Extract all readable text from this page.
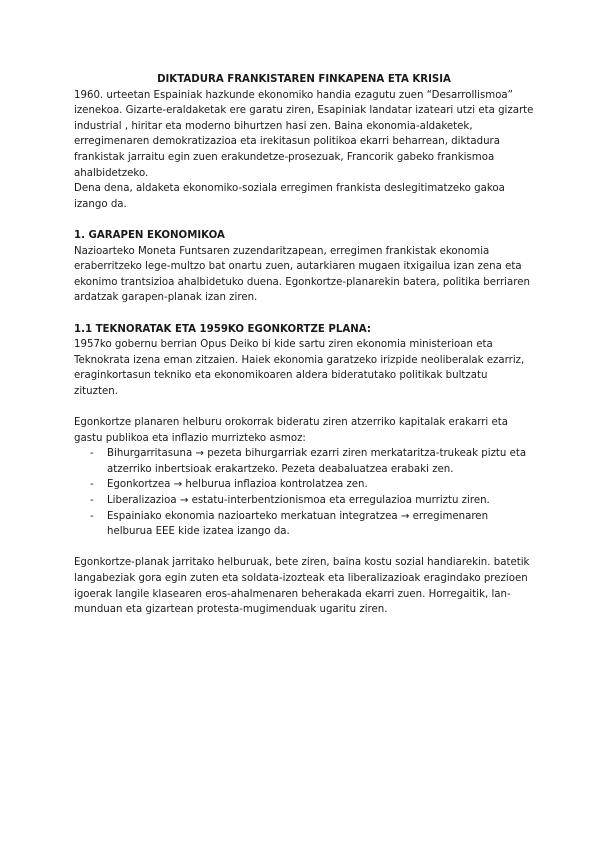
DIKTADURA FRANKISTAREN FINKAPENA ETA KRISIA

1960. urteetan Espainiak hazkunde ekonomiko handia ezagutu zuen “Desarrollismoa” izenekoa. Gizarte-eraldaketak ere garatu ziren, Esapiniak landatar izateari utzi eta gizarte industrial , hiritar eta moderno bihurtzen hasi zen. Baina ekonomia-aldaketek, erregimenaren demokratizazioa eta irekitasun politikoa ekarri beharrean, diktadura frankistak jarraitu egin zuen erakundetze-prosezuak, Francorik gabeko frankismoa ahalbidetzeko.

Dena dena, aldaketa ekonomiko-soziala erregimen frankista deslegitimatzeko gakoa izango da.

1. GARAPEN EKONOMIKOA

Nazioarteko Moneta Funtsaren zuzendaritzapean, erregimen frankistak ekonomia eraberritzeko lege-multzo bat onartu zuen, autarkiaren mugaen itxigailua izan zena eta ekonimo trantsizioa ahalbidetuko duena. Egonkortze-planarekin batera, politika berriaren ardatzak garapen-planak izan ziren.

1.1 TEKNORATAK ETA 1959KO EGONKORTZE PLANA:

1957ko gobernu berrian Opus Deiko bi kide sartu ziren ekonomia ministerioan eta Teknokrata izena eman zitzaien. Haiek ekonomia garatzeko irizpide neoliberalak ezarriz, eraginkortasun tekniko eta ekonomikoaren aldera bideratutako politikak bultzatu zituzten.

Egonkortze planaren helburu orokorrak bideratu ziren atzerriko kapitalak erakarri eta gastu publikoa eta inflazio murrizteko asmoz:

- Bihurgarritasuna → pezeta bihurgarriak ezarri ziren merkataritza-trukeak piztu eta atzerriko inbertsioak erakartzeko. Pezeta deabaluatzea erabaki zen.
- Egonkortzea → helburua inflazioa kontrolatzea zen.
- Liberalizazioa → estatu-interbentzionismoa eta erregulazioa murriztu ziren.
- Espainiako ekonomia nazioarteko merkatuan integratzea → erregimenaren helburua EEE kide izatea izango da.

Egonkortze-planak jarritako helburuak, bete ziren, baina kostu sozial handiarekin. batetik langabeziak gora egin zuten eta soldata-izozteak eta liberalizazioak eragindako prezioen igoerak langile klasearen eros-ahalmenaren beherakada ekarri zuen. Horregaitik, lan-munduan eta gizartean protesta-mugimenduak ugaritu ziren.
